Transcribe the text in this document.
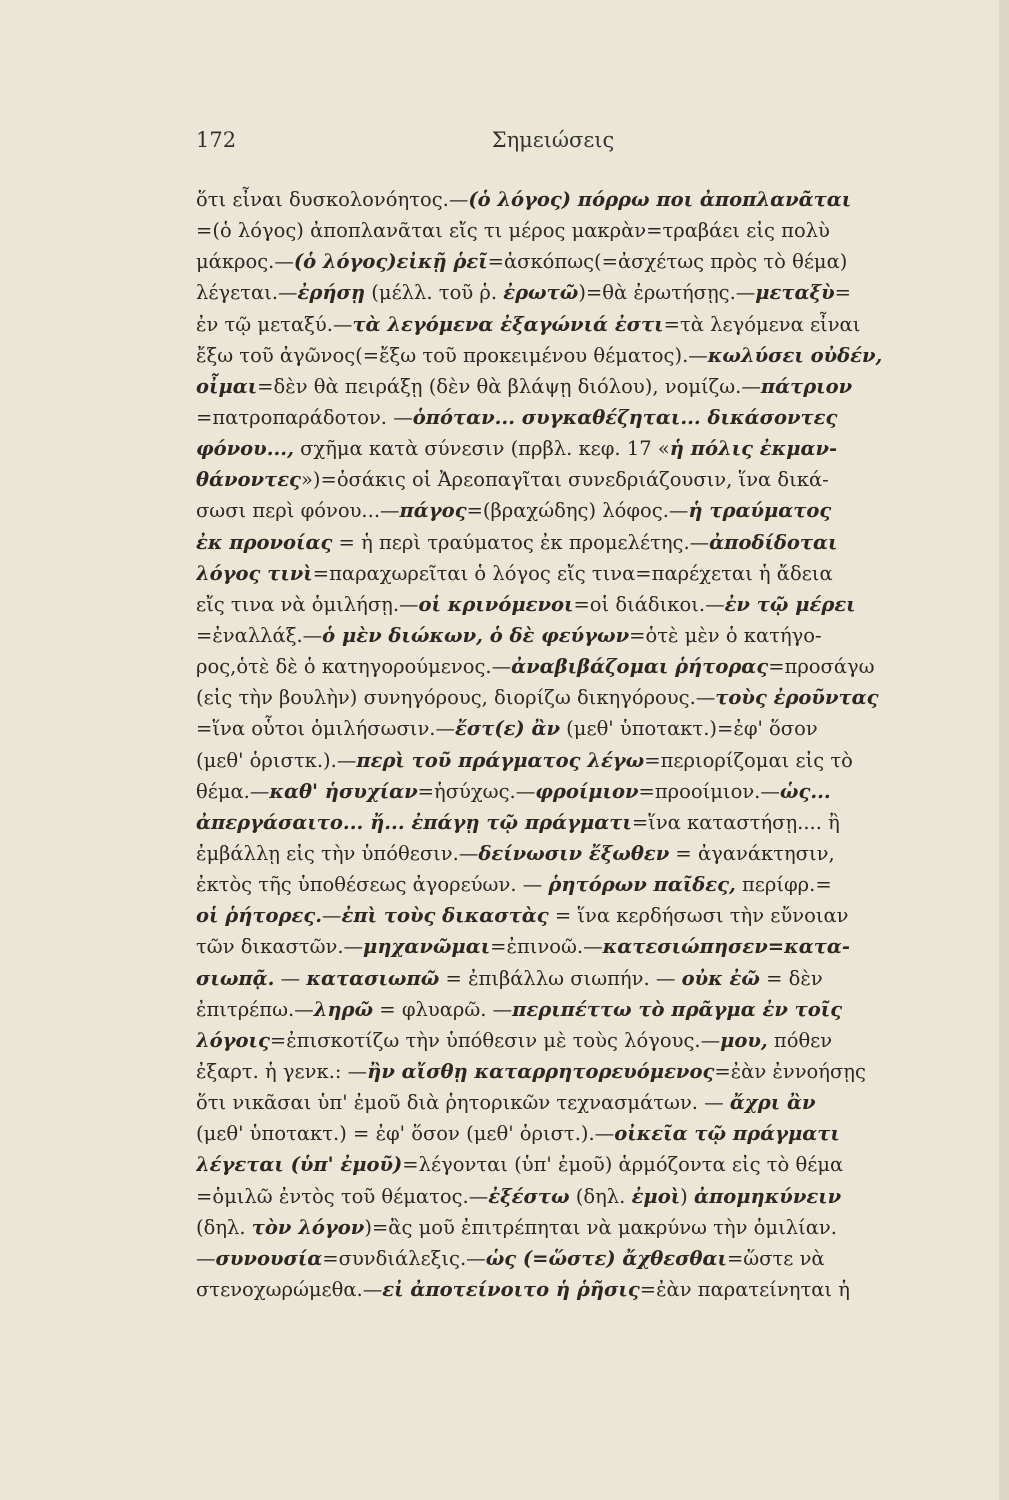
172	Σημειώσεις
ὅτι εἶναι δυσκολονόητος.—(ὁ λόγος) πόρρω ποι ἀποπλανᾶται
=(ὁ λόγος) ἀποπλανᾶται εἴς τι μέρος μακρὰν=τραβάει εἰς πολὺ
μάκρος.—(ὁ λόγος)εἰκῇ ῥεῖ=ἀσκόπως(=ἀσχέτως πρὸς τὸ θέμα)
λέγεται.—ἐρήσῃ (μέλλ. τοῦ ῥ. ἐρωτῶ)=θὰ ἐρωτήσῃς.—μεταξὺ=
ἐν τῷ μεταξύ.—τὰ λεγόμενα ἐξαγώνιά ἐστι=τὰ λεγόμενα εἶναι
ἔξω τοῦ ἀγῶνος(=ἔξω τοῦ προκειμένου θέματος).—κωλύσει οὐδέν,
οἶμαι=δὲν θὰ πειράξῃ (δὲν θὰ βλάψῃ διόλου), νομίζω.—πάτριον
=πατροπαράδοτον. —ὁπόταν... συγκαθέζηται... δικάσοντες
φόνου..., σχῆμα κατὰ σύνεσιν (πρβλ. κεφ. 17 «ἡ πόλις ἐκμαν-
θάνοντες»)=ὁσάκις οἱ Ἀρεοπαγῖται συνεδριάζουσιν, ἵνα δικά-
σωσι περὶ φόνου...—πάγος=(βραχώδης) λόφος.—ἡ τραύματος
ἐκ προνοίας = ἡ περὶ τραύματος ἐκ προμελέτης.—ἀποδίδοται
λόγος τινὶ=παραχωρεῖται ὁ λόγος εἴς τινα=παρέχεται ἡ ἄδεια
εἴς τινα νὰ ὁμιλήσῃ.—οἱ κρινόμενοι=οἱ διάδικοι.—ἐν τῷ μέρει
=ἐναλλάξ.—ὁ μὲν διώκων, ὁ δὲ φεύγων=ὁτὲ μὲν ὁ κατήγο-
ρος,ὁτὲ δὲ ὁ κατηγορούμενος.—ἀναβιβάζομαι ῥήτορας=προσάγω
(εἰς τὴν βουλὴν) συνηγόρους, διορίζω δικηγόρους.—τοὺς ἐροῦντας
=ἵνα οὗτοι ὁμιλήσωσιν.—ἔστ(ε) ἂν (μεθ' ὑποτακτ.)=ἐφ' ὅσον
(μεθ' ὁριστκ.).—περὶ τοῦ πράγματος λέγω=περιορίζομαι εἰς τὸ
θέμα.—καθ' ἡσυχίαν=ἡσύχως.—φροίμιον=προοίμιον.—ὡς...
ἀπεργάσαιτο... ἤ... ἐπάγῃ τῷ πράγματι=ἵνα καταστήσῃ.... ἢ
ἐμβάλλῃ εἰς τὴν ὑπόθεσιν.—δείνωσιν ἔξωθεν = ἀγανάκτησιν,
ἐκτὸς τῆς ὑποθέσεως ἀγορεύων. — ῥητόρων παῖδες, περίφρ.=
οἱ ῥήτορες.—ἐπὶ τοὺς δικαστὰς = ἵνα κερδήσωσι τὴν εὔνοιαν
τῶν δικαστῶν.—μηχανῶμαι=ἐπινοῶ.—κατεσιώπησεν=κατα-
σιωπᾷ. — κατασιωπῶ = ἐπιβάλλω σιωπήν. — οὐκ ἐῶ = δὲν
ἐπιτρέπω.—ληρῶ = φλυαρῶ. —περιπέττω τὸ πρᾶγμα ἐν τοῖς
λόγοις=ἐπισκοτίζω τὴν ὑπόθεσιν μὲ τοὺς λόγους.—μου, πόθεν
ἐξαρτ. ἡ γενκ.: —ἢν αἴσθῃ καταρρητορευόμενος=ἐὰν ἐννοήσῃς
ὅτι νικᾶσαι ὑπ' ἐμοῦ διὰ ῥητορικῶν τεχνασμάτων. — ἄχρι ἂν
(μεθ' ὑποτακτ.) = ἐφ' ὅσον (μεθ' ὁριστ.).—οἰκεῖα τῷ πράγματι
λέγεται (ὑπ' ἐμοῦ)=λέγονται (ὑπ' ἐμοῦ) ἁρμόζοντα εἰς τὸ θέμα
=ὁμιλῶ ἐντὸς τοῦ θέματος.—ἐξέστω (δηλ. ἐμοὶ) ἀπομηκύνειν
(δηλ. τὸν λόγον)=ἂς μοῦ ἐπιτρέπηται νὰ μακρύνω τὴν ὁμιλίαν.
—συνουσία=συνδιάλεξις.—ὡς (=ὥστε) ἄχθεσθαι=ὥστε νὰ
στενοχωρώμεθα.—εἰ ἀποτείνοιτο ἡ ῥῆσις=ἐὰν παρατείνηται ἡ
